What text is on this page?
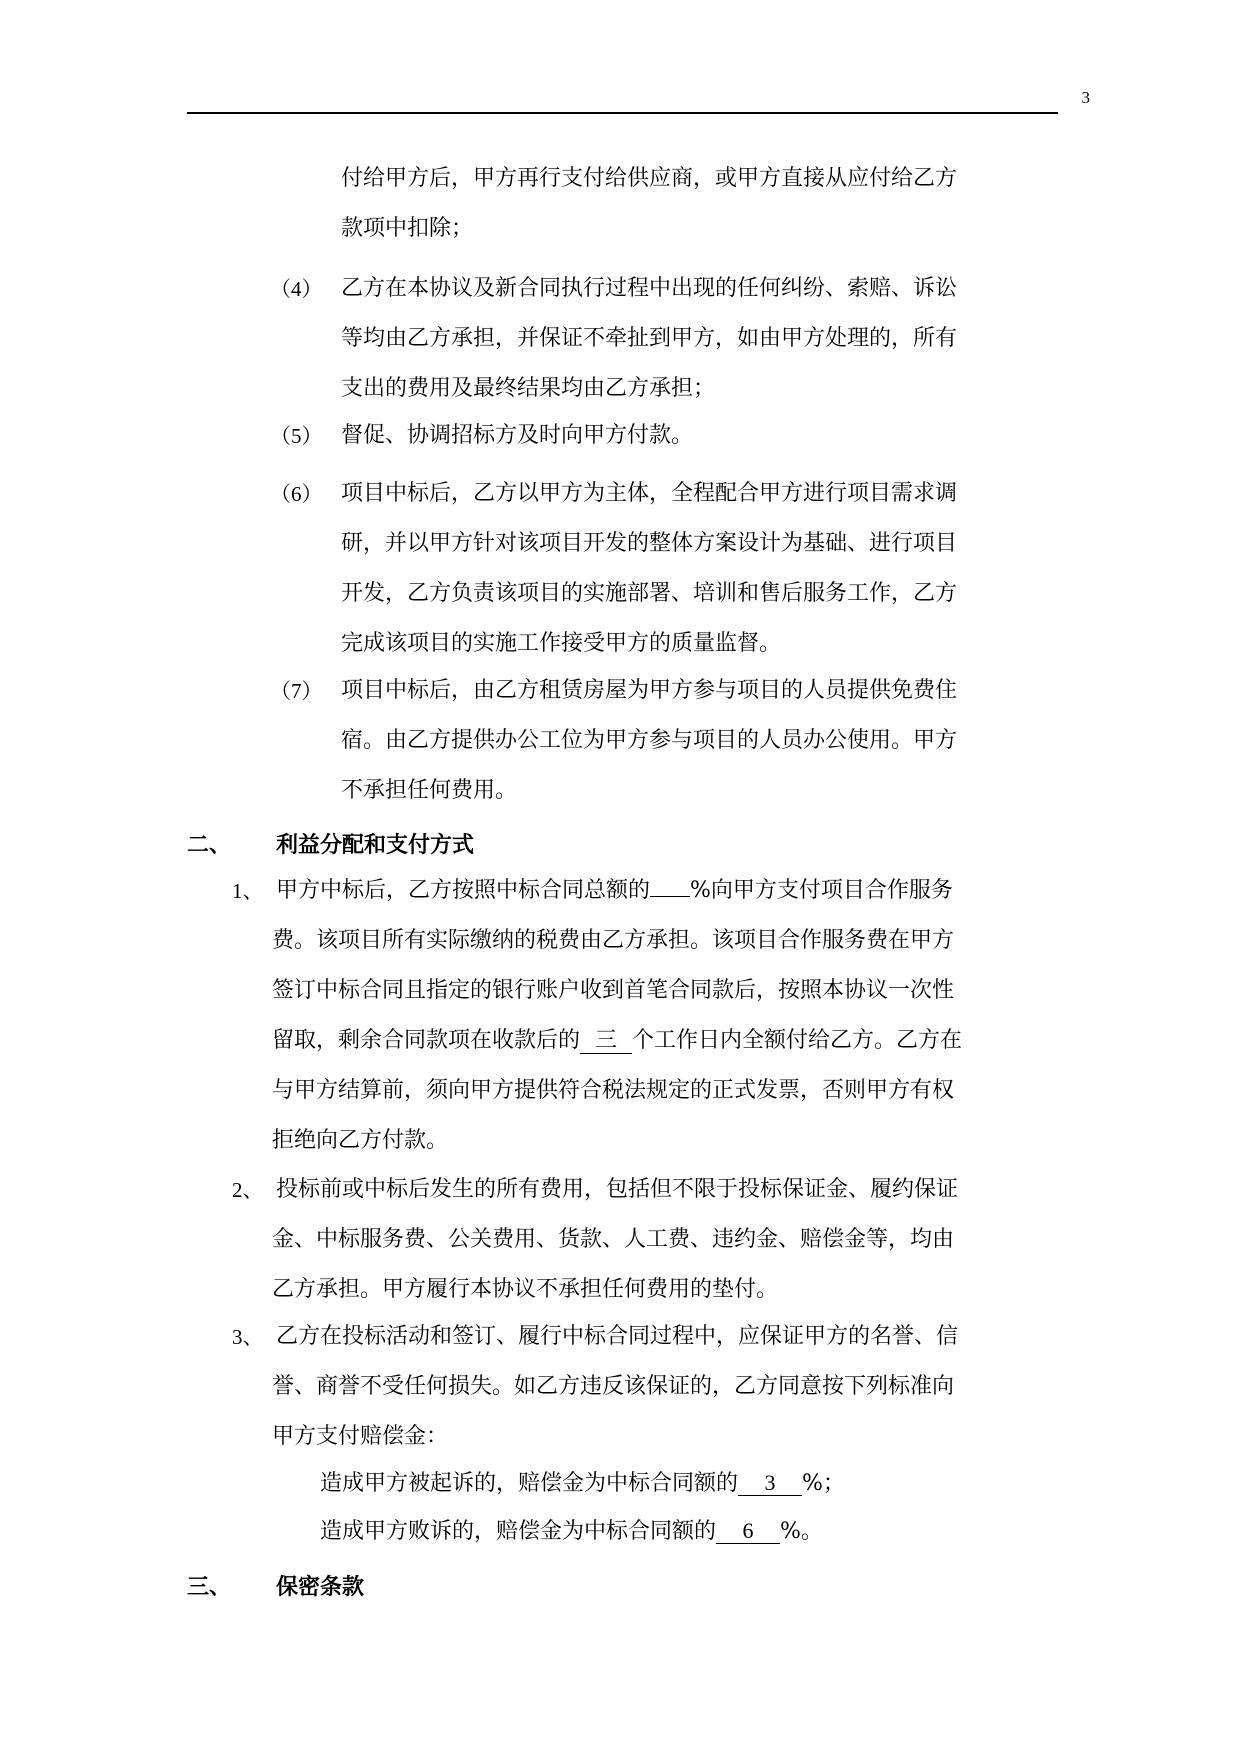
3
付给甲方后，甲方再行支付给供应商，或甲方直接从应付给乙方
款项中扣除；
（4） 乙方在本协议及新合同执行过程中出现的任何纠纷、索赔、诉讼
等均由乙方承担，并保证不牵扯到甲方，如由甲方处理的，所有
支出的费用及最终结果均由乙方承担；
（5） 督促、协调招标方及时向甲方付款。
（6） 项目中标后，乙方以甲方为主体，全程配合甲方进行项目需求调
研，并以甲方针对该项目开发的整体方案设计为基础、进行项目
开发，乙方负责该项目的实施部署、培训和售后服务工作，乙方
完成该项目的实施工作接受甲方的质量监督。
（7） 项目中标后，由乙方租赁房屋为甲方参与项目的人员提供免费住
宿。由乙方提供办公工位为甲方参与项目的人员办公使用。甲方
不承担任何费用。
二、 利益分配和支付方式
1、 甲方中标后，乙方按照中标合同总额的 %向甲方支付项目合作服务
费。该项目所有实际缴纳的税费由乙方承担。该项目合作服务费在甲方
签订中标合同且指定的银行账户收到首笔合同款后，按照本协议一次性
留取，剩余合同款项在收款后的 三 个工作日内全额付给乙方。乙方在
与甲方结算前，须向甲方提供符合税法规定的正式发票，否则甲方有权
拒绝向乙方付款。
2、 投标前或中标后发生的所有费用，包括但不限于投标保证金、履约保证
金、中标服务费、公关费用、货款、人工费、违约金、赔偿金等，均由
乙方承担。甲方履行本协议不承担任何费用的垫付。
3、 乙方在投标活动和签订、履行中标合同过程中，应保证甲方的名誉、信
誉、商誉不受任何损失。如乙方违反该保证的，乙方同意按下列标准向
甲方支付赔偿金：
造成甲方被起诉的，赔偿金为中标合同额的 3 %；
造成甲方败诉的，赔偿金为中标合同额的 6 %。
三、 保密条款
